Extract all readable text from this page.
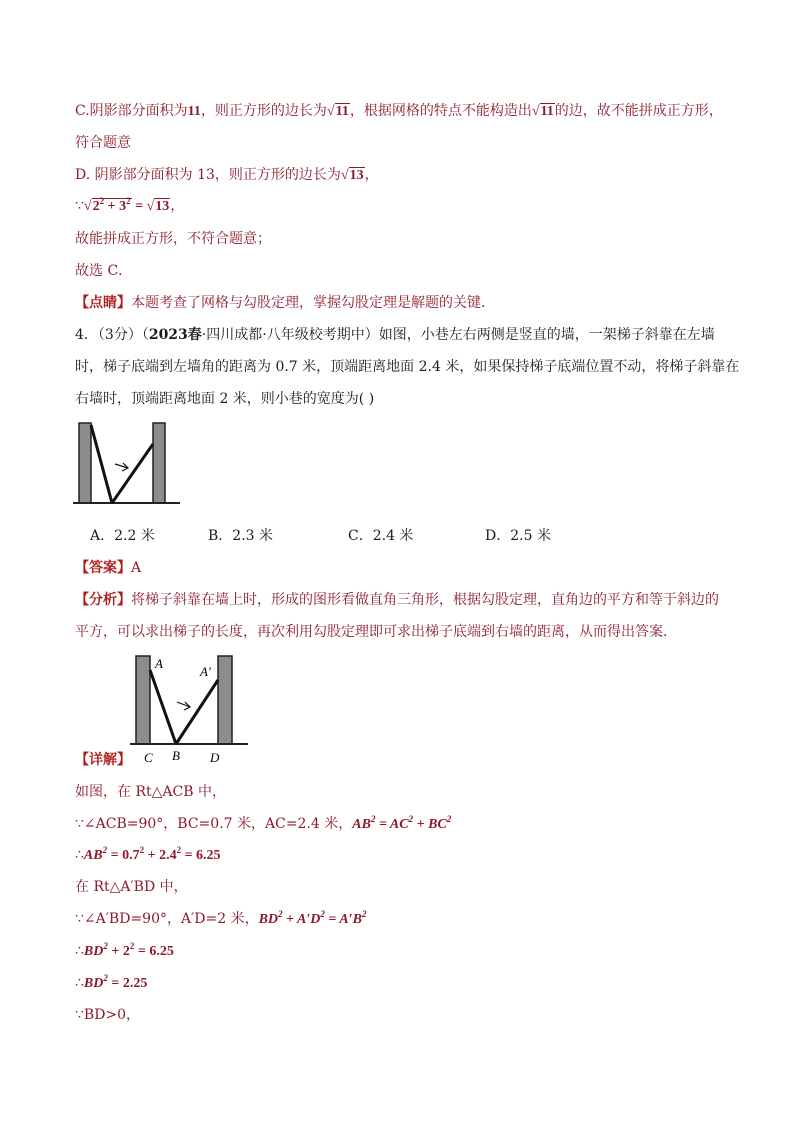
C.阴影部分面积为11，则正方形的边长为√11，根据网格的特点不能构造出√11的边，故不能拼成正方形，
符合题意
D. 阴影部分面积为 13，则正方形的边长为√13，
$\because√2^2 + 3^2 = √13$，
故能拼成正方形，不符合题意；
故选 C．
【点睛】本题考查了网格与勾股定理，掌握勾股定理是解题的关键．
4．（3分）（2023春·四川成都·八年级校考期中）如图，小巷左右两侧是竖直的墙，一架梯子斜靠在左墙
时，梯子底端到左墙角的距离为 0.7 米，顶端距离地面 2.4 米，如果保持梯子底端位置不动，将梯子斜靠在
右墙时，顶端距离地面 2 米，则小巷的宽度为( )
A．2.2 米	B．2.3 米	C．2.4 米	D．2.5 米
【答案】A
【分析】将梯子斜靠在墙上时，形成的图形看做直角三角形，根据勾股定理，直角边的平方和等于斜边的
平方，可以求出梯子的长度，再次利用勾股定理即可求出梯子底端到右墙的距离，从而得出答案.
A
A′
C B D
【详解】
如图，在 Rt△ACB 中，
∵∠ACB=90°，BC=0.7 米，AC=2.4 米，$AB^2 = AC^2 + BC^2$
$\therefore AB^2 = 0.7^2 + 2.4^2 = 6.25$
在 Rt△A′BD 中，
∵∠A′BD=90°，A′D=2 米，$BD^2 + A'D^2 = A'B^2$
$\therefore BD^2 + 2^2 = 6.25$
$\therefore BD^2 = 2.25$
∵BD>0，
